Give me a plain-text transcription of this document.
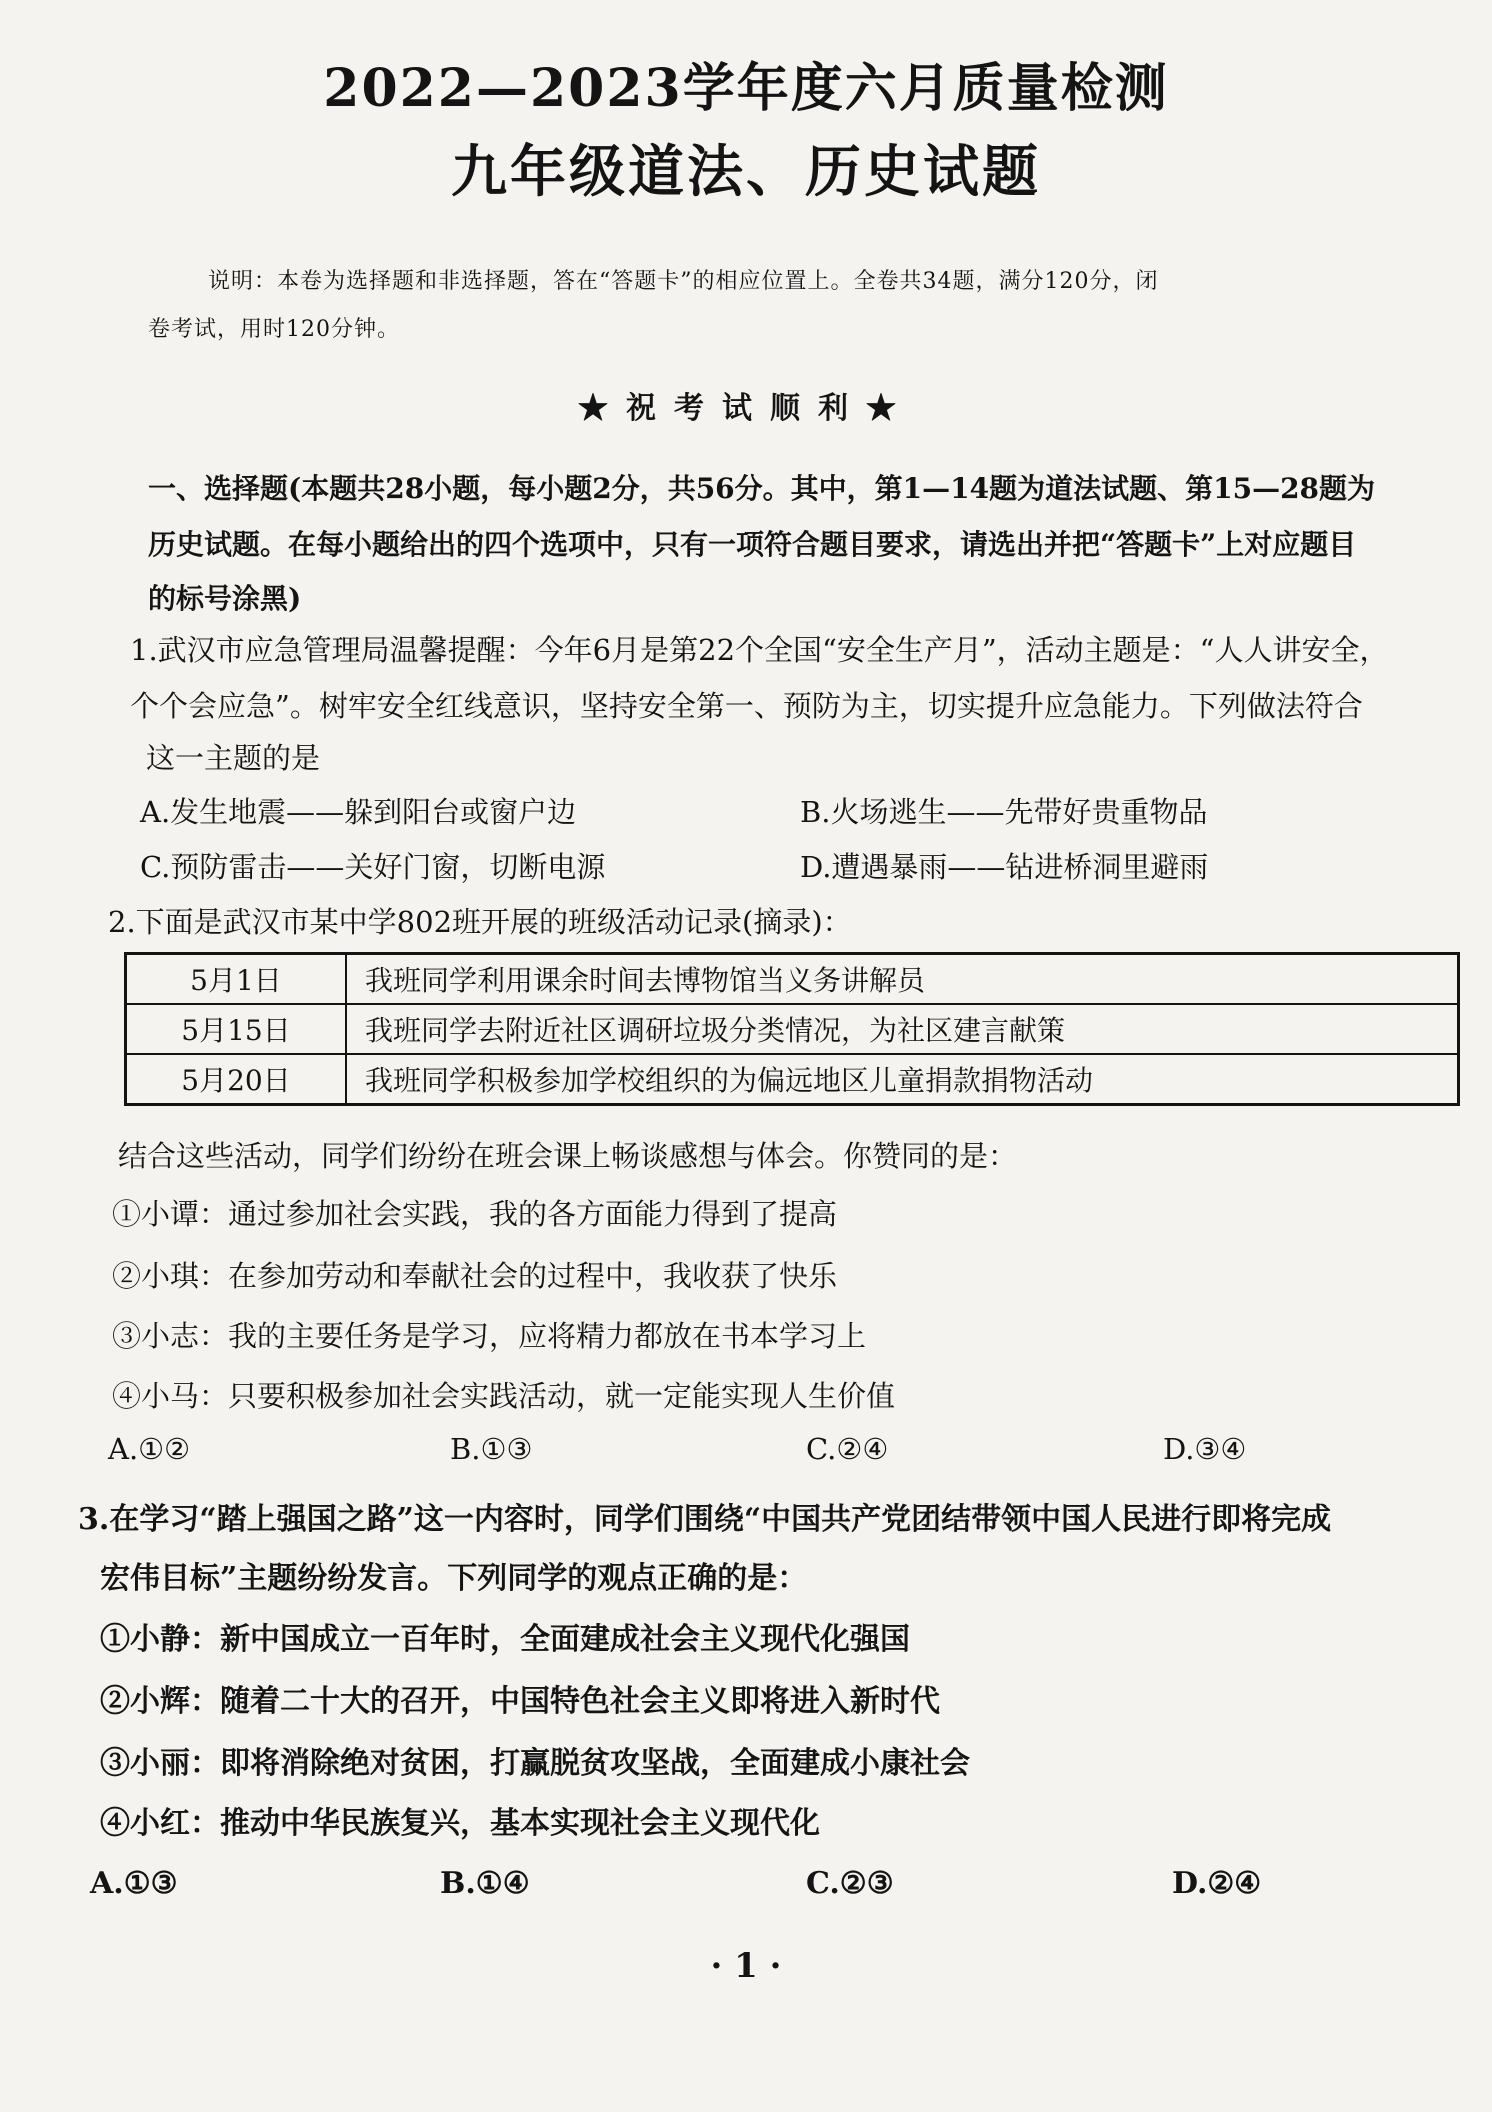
2022—2023学年度六月质量检测
九年级道法、历史试题
说明：本卷为选择题和非选择题，答在“答题卡”的相应位置上。全卷共34题，满分120分，闭
卷考试，用时120分钟。
★祝考试顺利★
一、选择题(本题共28小题，每小题2分，共56分。其中，第1—14题为道法试题、第15—28题为
历史试题。在每小题给出的四个选项中，只有一项符合题目要求，请选出并把“答题卡”上对应题目
的标号涂黑)
1.武汉市应急管理局温馨提醒：今年6月是第22个全国“安全生产月”，活动主题是：“人人讲安全，
个个会应急”。树牢安全红线意识，坚持安全第一、预防为主，切实提升应急能力。下列做法符合
这一主题的是
A.发生地震——躲到阳台或窗户边	B.火场逃生——先带好贵重物品
C.预防雷击——关好门窗，切断电源	D.遭遇暴雨——钻进桥洞里避雨
2.下面是武汉市某中学802班开展的班级活动记录(摘录)：
5月1日	我班同学利用课余时间去博物馆当义务讲解员
5月15日	我班同学去附近社区调研垃圾分类情况，为社区建言献策
5月20日	我班同学积极参加学校组织的为偏远地区儿童捐款捐物活动
结合这些活动，同学们纷纷在班会课上畅谈感想与体会。你赞同的是：
①小谭：通过参加社会实践，我的各方面能力得到了提高
②小琪：在参加劳动和奉献社会的过程中，我收获了快乐
③小志：我的主要任务是学习，应将精力都放在书本学习上
④小马：只要积极参加社会实践活动，就一定能实现人生价值
A.①②	B.①③	C.②④	D.③④
3.在学习“踏上强国之路”这一内容时，同学们围绕“中国共产党团结带领中国人民进行即将完成
宏伟目标”主题纷纷发言。下列同学的观点正确的是：
①小静：新中国成立一百年时，全面建成社会主义现代化强国
②小辉：随着二十大的召开，中国特色社会主义即将进入新时代
③小丽：即将消除绝对贫困，打赢脱贫攻坚战，全面建成小康社会
④小红：推动中华民族复兴，基本实现社会主义现代化
A.①③	B.①④	C.②③	D.②④
· 1 ·
